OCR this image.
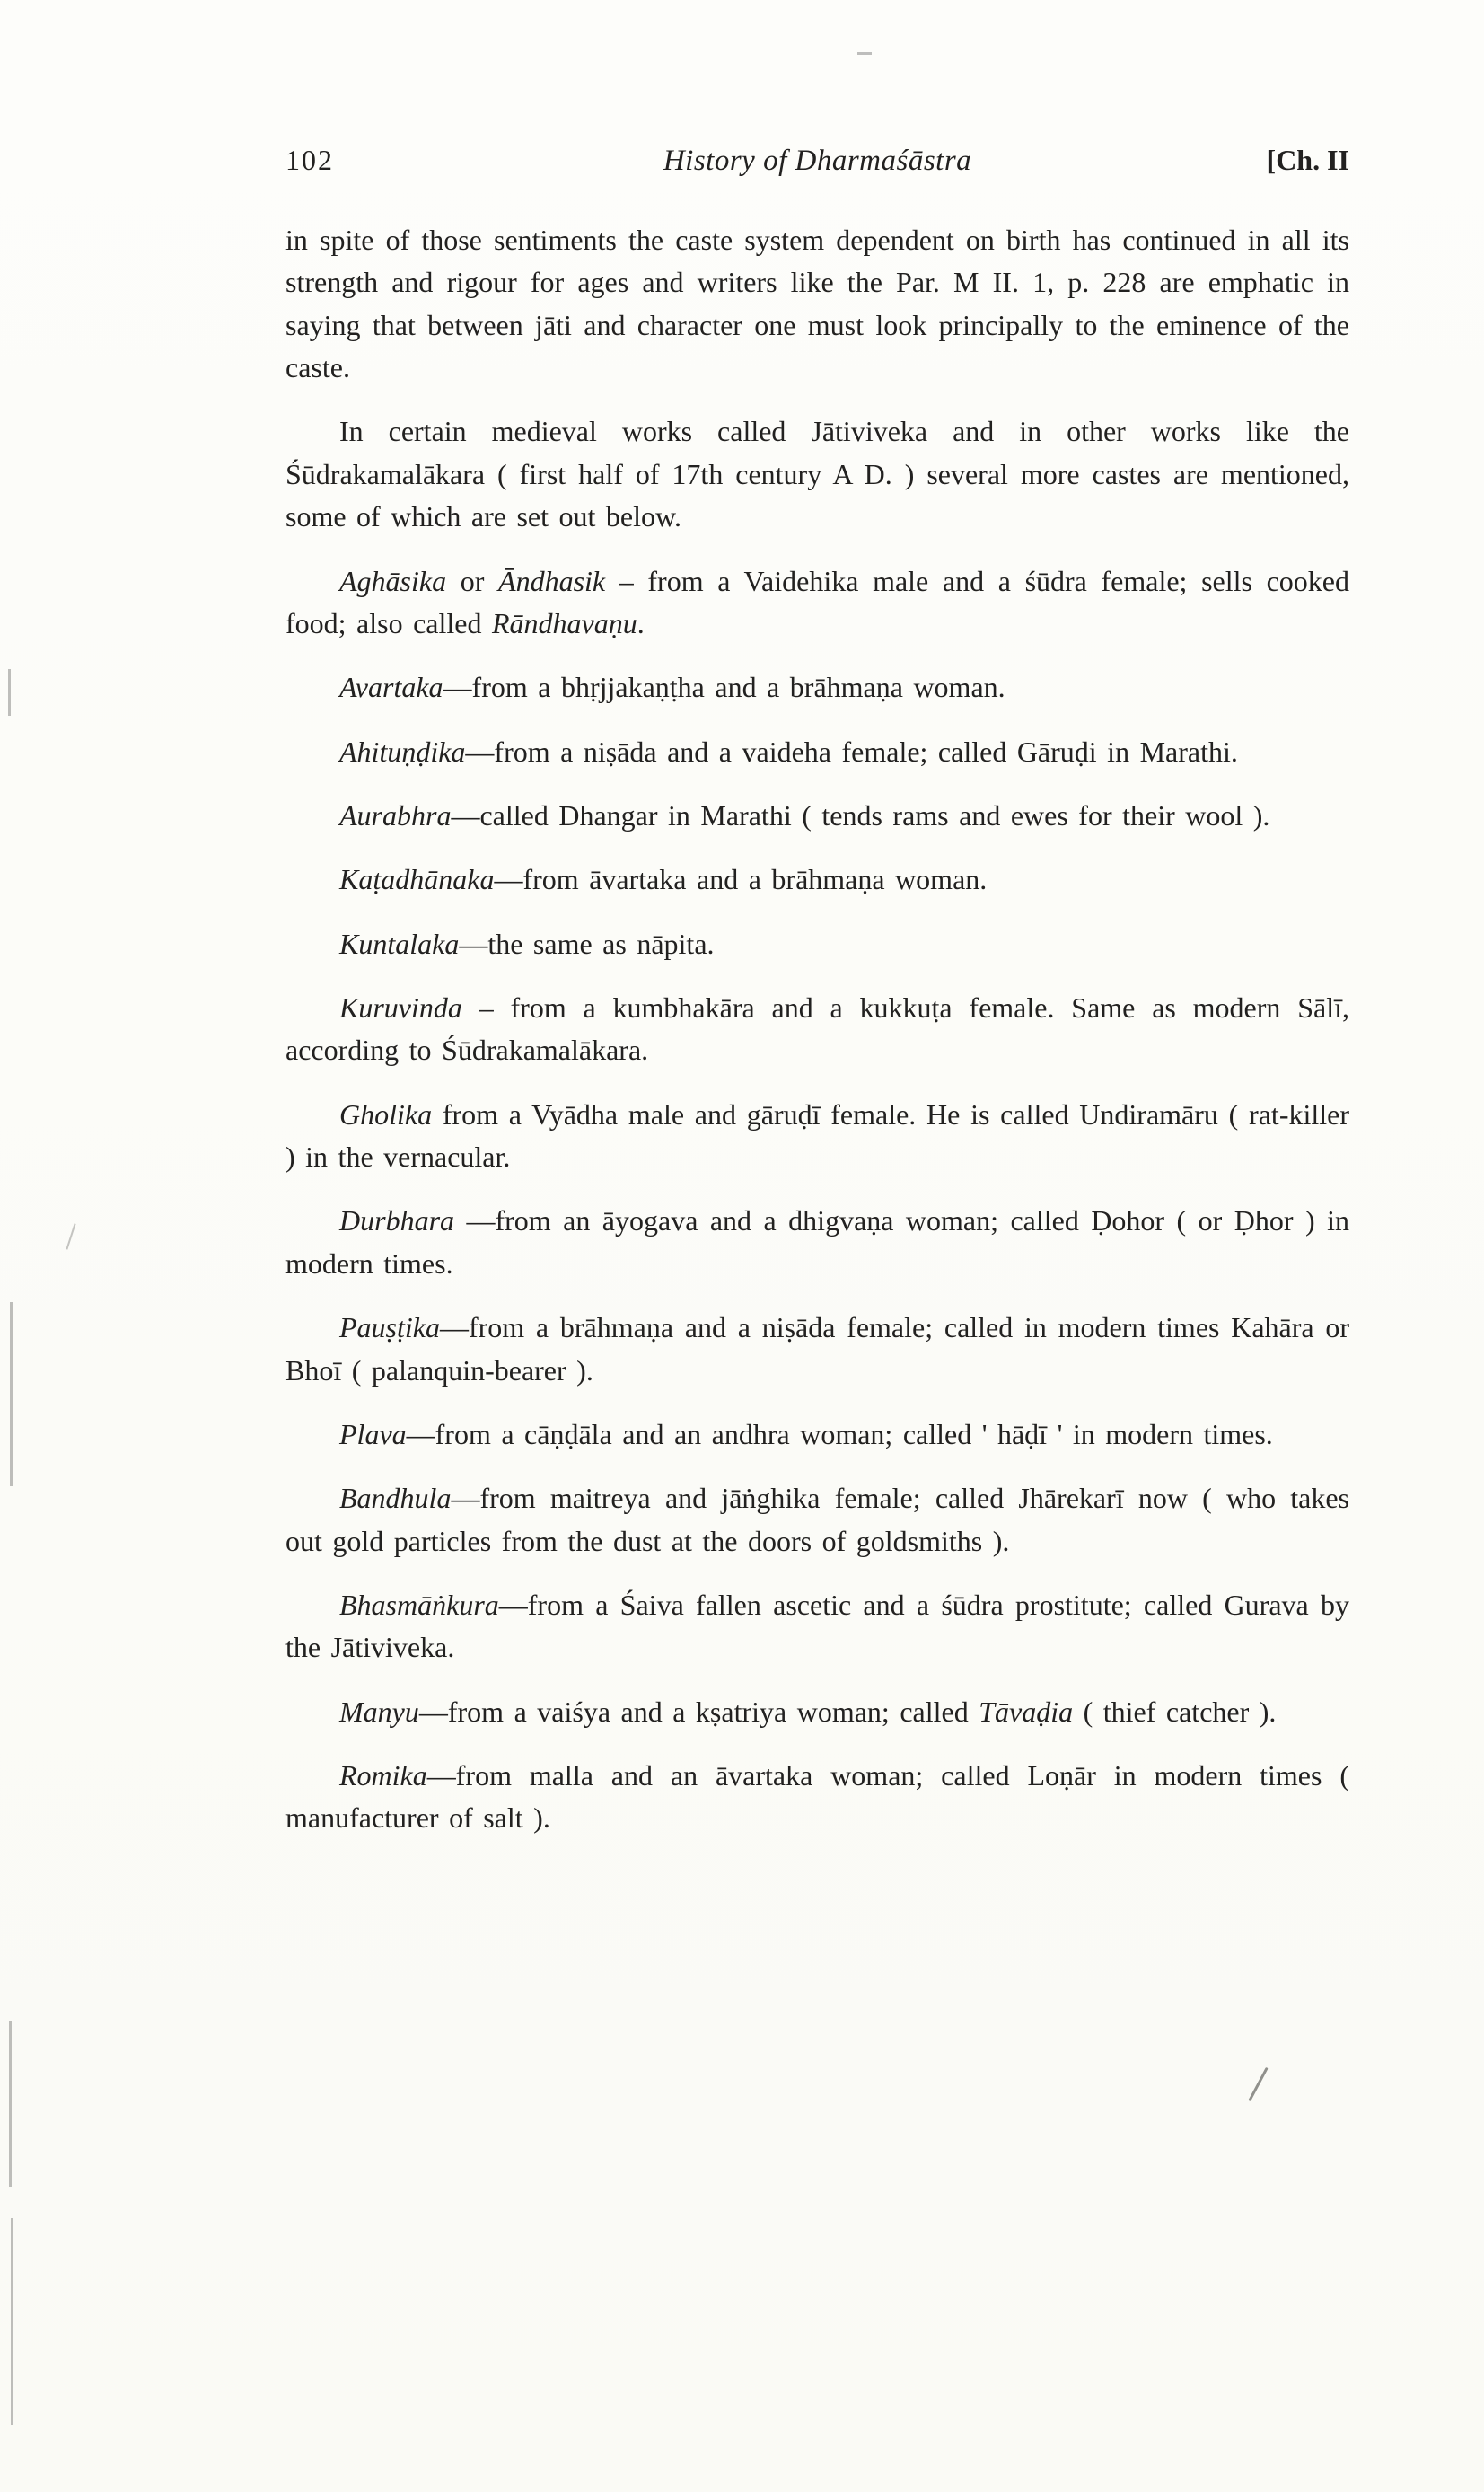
102	History of Dharmaśāstra	[Ch. II

in spite of those sentiments the caste system dependent on birth has continued in all its strength and rigour for ages and writers like the Par. M II. 1, p. 228 are emphatic in saying that between jāti and character one must look principally to the eminence of the caste.

In certain medieval works called Jātiviveka and in other works like the Śūdrakamalākara ( first half of 17th century A D. ) several more castes are mentioned, some of which are set out below.

Aghāsika or Āndhasik – from a Vaidehika male and a śūdra female; sells cooked food; also called Rāndhavaṇu.

Avartaka—from a bhṛjjakaṇṭha and a brāhmaṇa woman.

Ahituṇḍika—from a niṣāda and a vaideha female; called Gāruḍi in Marathi.

Aurabhra—called Dhangar in Marathi ( tends rams and ewes for their wool ).

Kaṭadhānaka—from āvartaka and a brāhmaṇa woman.

Kuntalaka—the same as nāpita.

Kuruvinda – from a kumbhakāra and a kukkuṭa female. Same as modern Sālī, according to Śūdrakamalākara.

Gholika from a Vyādha male and gāruḍī female. He is called Undiramāru ( rat-killer ) in the vernacular.

Durbhara —from an āyogava and a dhigvaṇa woman; called Ḍohor ( or Ḍhor ) in modern times.

Pauṣṭika—from a brāhmaṇa and a niṣāda female; called in modern times Kahāra or Bhoī ( palanquin-bearer ).

Plava—from a cāṇḍāla and an andhra woman; called ' hāḍī ' in modern times.

Bandhula—from maitreya and jāṅghika female; called Jhārekarī now ( who takes out gold particles from the dust at the doors of goldsmiths ).

Bhasmāṅkura—from a Śaiva fallen ascetic and a śūdra prostitute; called Gurava by the Jātiviveka.

Manyu—from a vaiśya and a kṣatriya woman; called Tāvaḍia ( thief catcher ).

Romika—from malla and an āvartaka woman; called Loṇār in modern times ( manufacturer of salt ).
